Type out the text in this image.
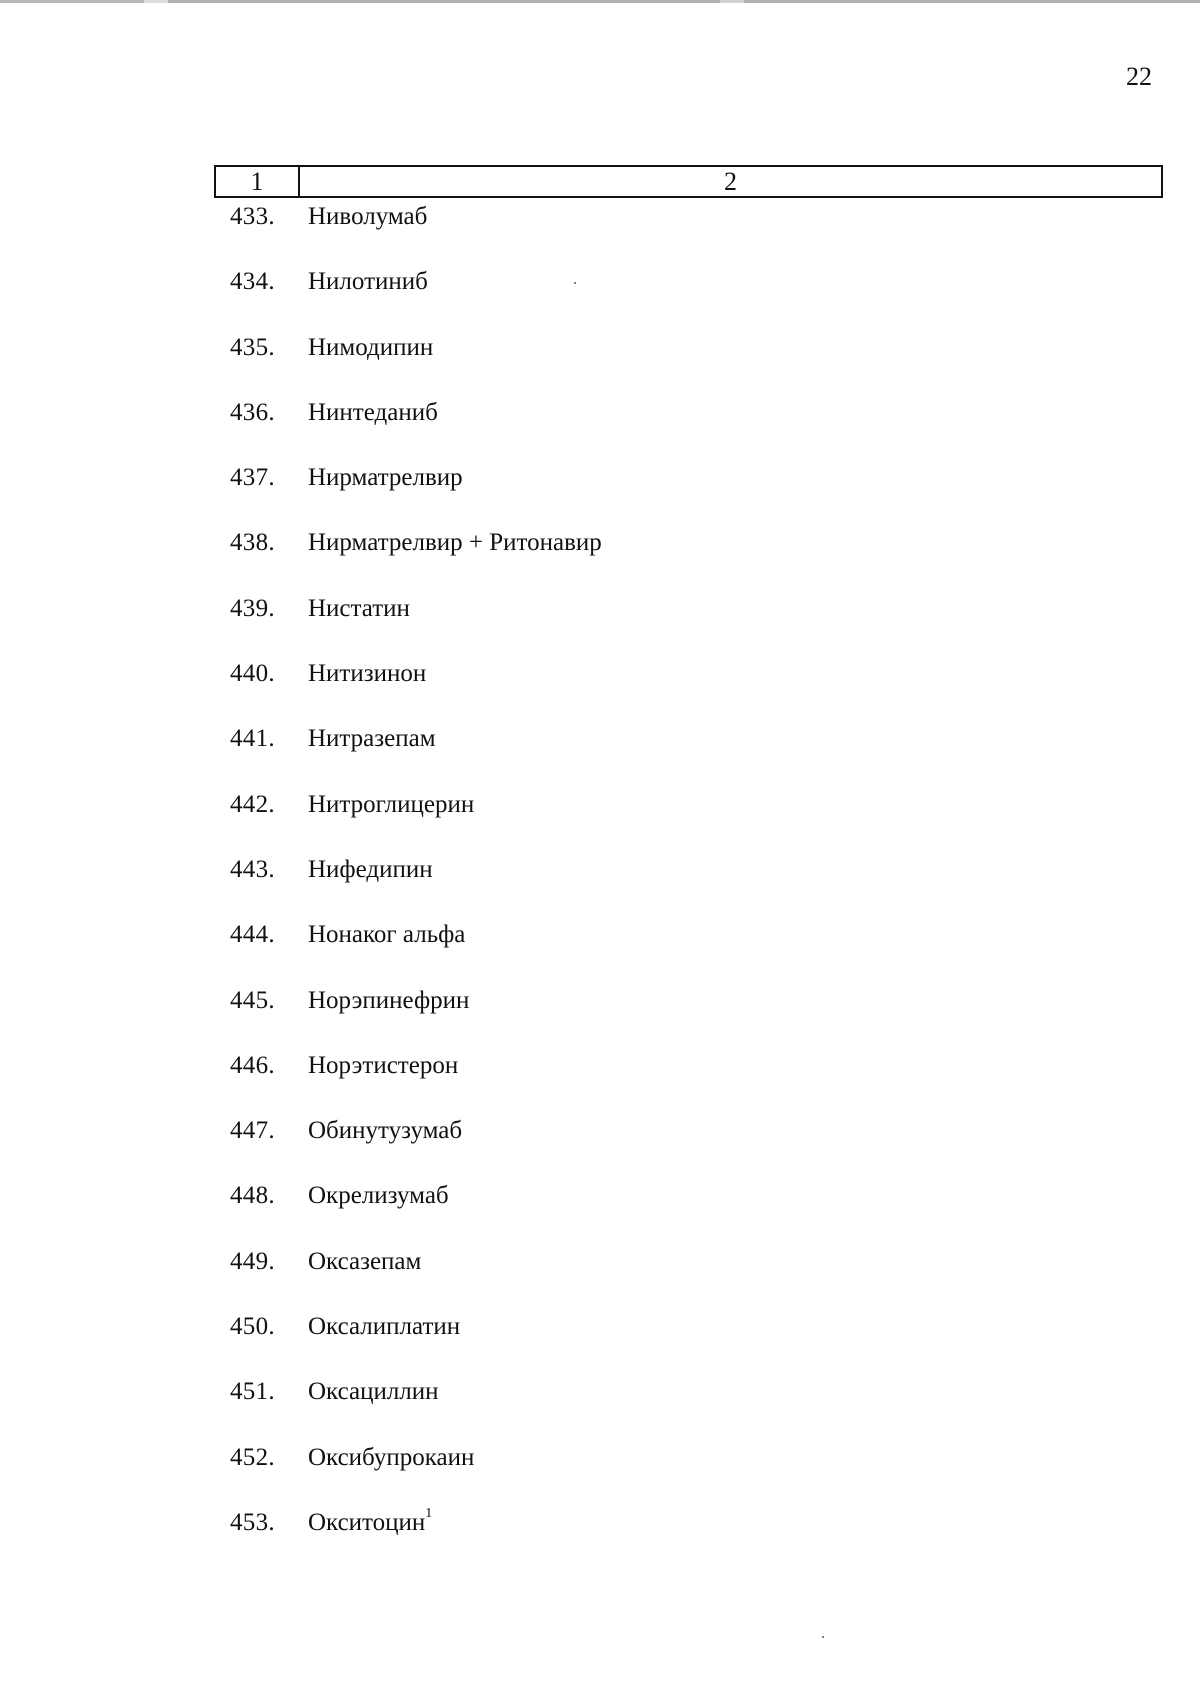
22
1	2
433.	Ниволумаб
434.	Нилотиниб
435.	Нимодипин
436.	Нинтеданиб
437.	Нирматрелвир
438.	Нирматрелвир + Ритонавир
439.	Нистатин
440.	Нитизинон
441.	Нитразепам
442.	Нитроглицерин
443.	Нифедипин
444.	Нонаког альфа
445.	Норэпинефрин
446.	Норэтистерон
447.	Обинутузумаб
448.	Окрелизумаб
449.	Оксазепам
450.	Оксалиплатин
451.	Оксациллин
452.	Оксибупрокаин
453.	Окситоцин$^1$
